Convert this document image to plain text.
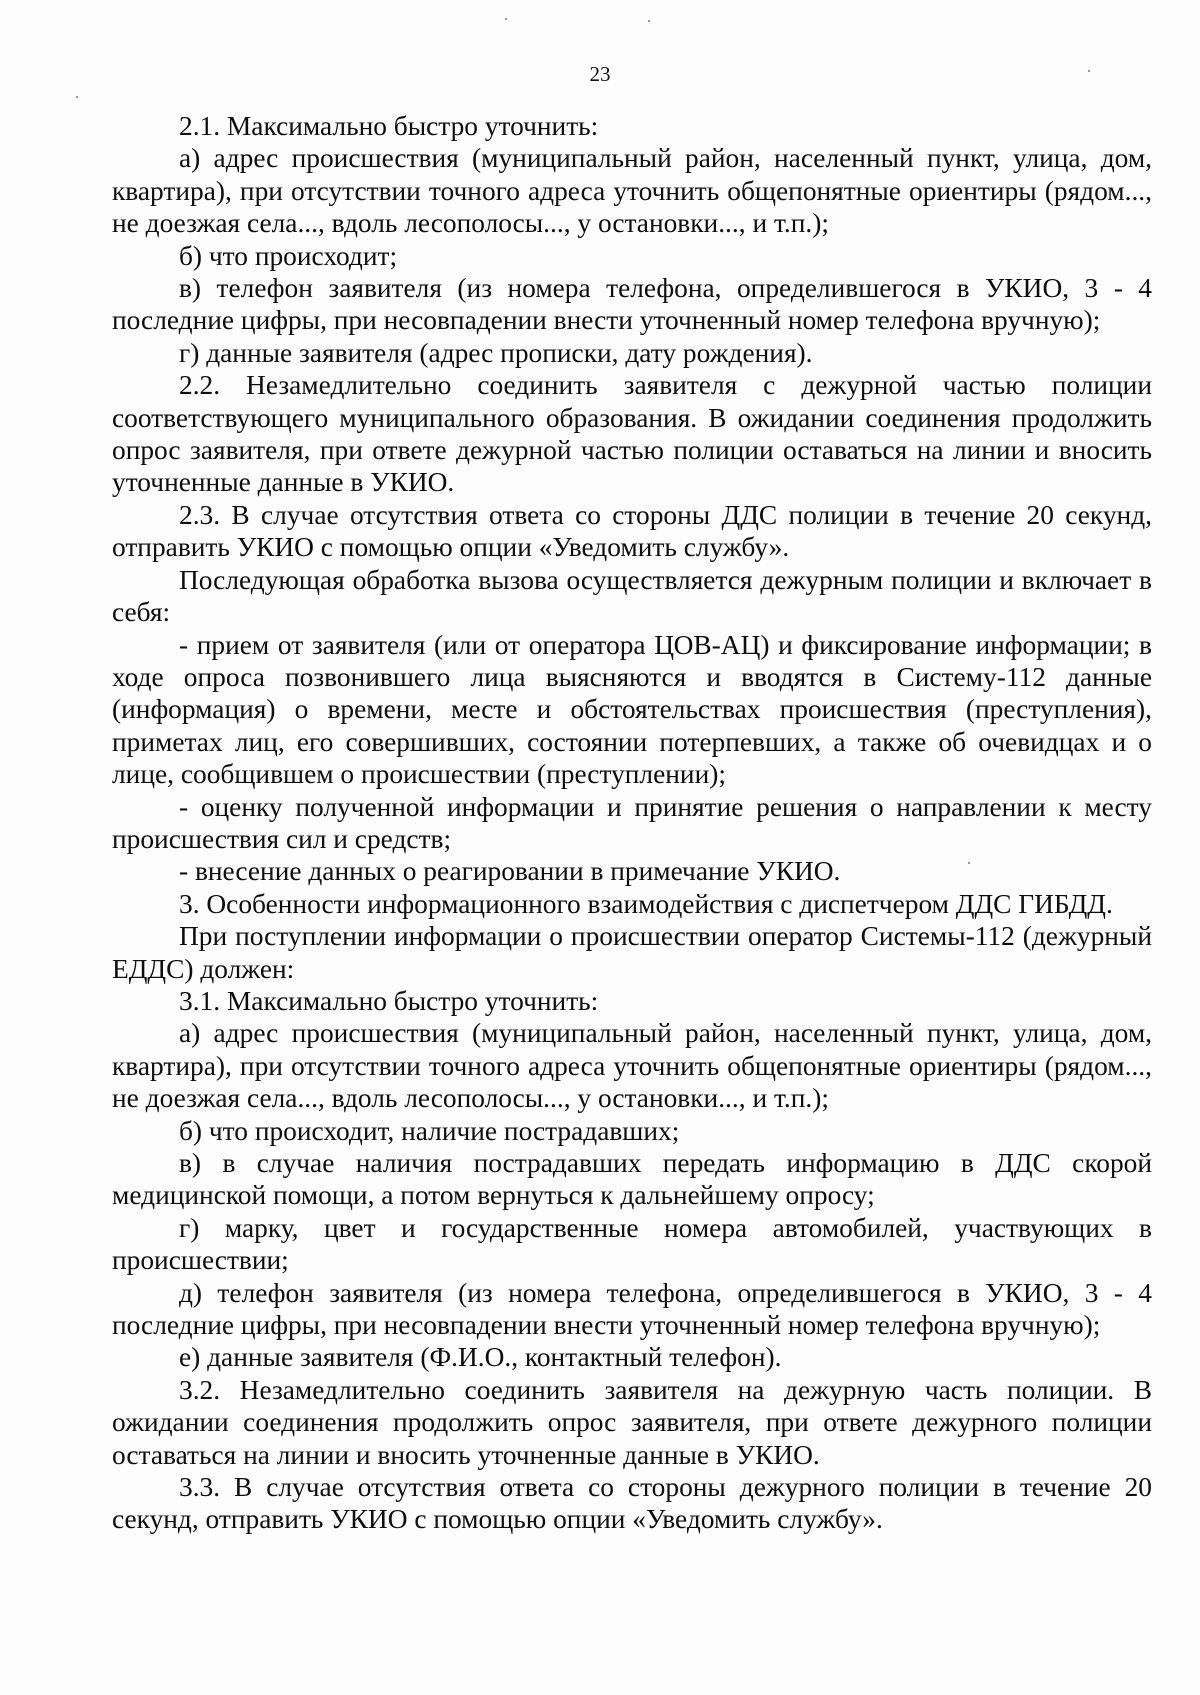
23

2.1. Максимально быстро уточнить:

а) адрес происшествия (муниципальный район, населенный пункт, улица, дом, квартира), при отсутствии точного адреса уточнить общепонятные ориентиры (рядом..., не доезжая села..., вдоль лесополосы..., у остановки..., и т.п.);

б) что происходит;

в) телефон заявителя (из номера телефона, определившегося в УКИО, 3 - 4 последние цифры, при несовпадении внести уточненный номер телефона вручную);

г) данные заявителя (адрес прописки, дату рождения).

2.2. Незамедлительно соединить заявителя с дежурной частью полиции соответствующего муниципального образования. В ожидании соединения продолжить опрос заявителя, при ответе дежурной частью полиции оставаться на линии и вносить уточненные данные в УКИО.

2.3. В случае отсутствия ответа со стороны ДДС полиции в течение 20 секунд, отправить УКИО с помощью опции «Уведомить службу».

Последующая обработка вызова осуществляется дежурным полиции и включает в себя:

- прием от заявителя (или от оператора ЦОВ-АЦ) и фиксирование информации; в ходе опроса позвонившего лица выясняются и вводятся в Систему-112 данные (информация) о времени, месте и обстоятельствах происшествия (преступления), приметах лиц, его совершивших, состоянии потерпевших, а также об очевидцах и о лице, сообщившем о происшествии (преступлении);

- оценку полученной информации и принятие решения о направлении к месту происшествия сил и средств;

- внесение данных о реагировании в примечание УКИО.

3. Особенности информационного взаимодействия с диспетчером ДДС ГИБДД.

При поступлении информации о происшествии оператор Системы-112 (дежурный ЕДДС) должен:

3.1. Максимально быстро уточнить:

а) адрес происшествия (муниципальный район, населенный пункт, улица, дом, квартира), при отсутствии точного адреса уточнить общепонятные ориентиры (рядом..., не доезжая села..., вдоль лесополосы..., у остановки..., и т.п.);

б) что происходит, наличие пострадавших;

в) в случае наличия пострадавших передать информацию в ДДС скорой медицинской помощи, а потом вернуться к дальнейшему опросу;

г) марку, цвет и государственные номера автомобилей, участвующих в происшествии;

д) телефон заявителя (из номера телефона, определившегося в УКИО, 3 - 4 последние цифры, при несовпадении внести уточненный номер телефона вручную);

е) данные заявителя (Ф.И.О., контактный телефон).

3.2. Незамедлительно соединить заявителя на дежурную часть полиции. В ожидании соединения продолжить опрос заявителя, при ответе дежурного полиции оставаться на линии и вносить уточненные данные в УКИО.

3.3. В случае отсутствия ответа со стороны дежурного полиции в течение 20 секунд, отправить УКИО с помощью опции «Уведомить службу».
